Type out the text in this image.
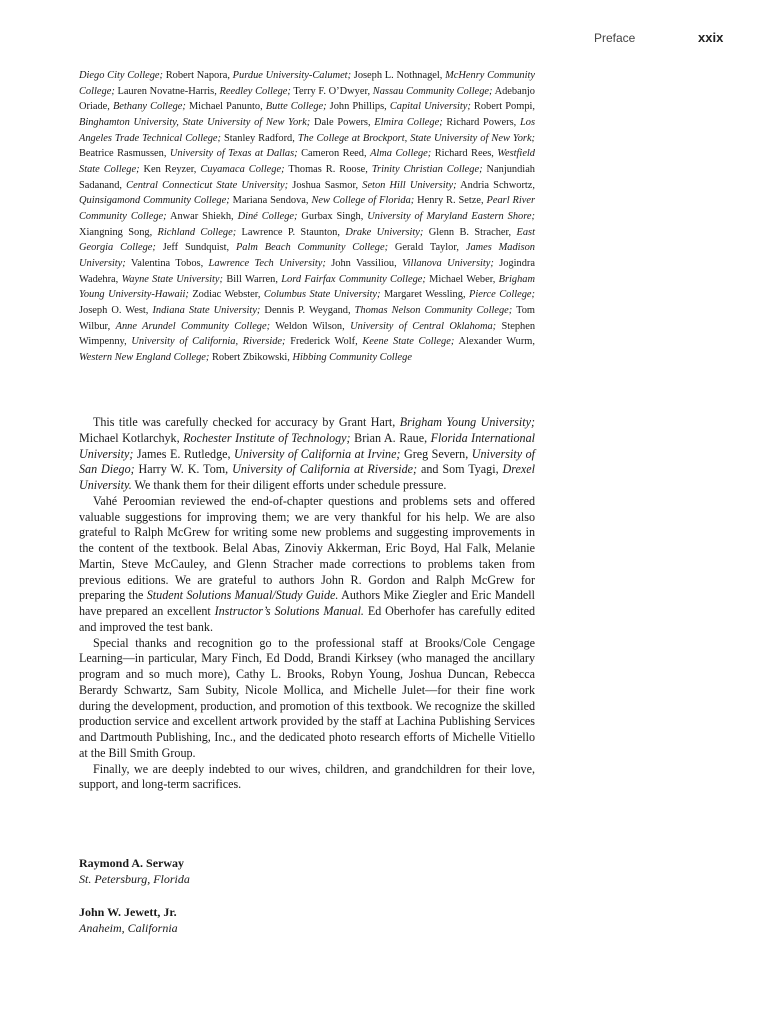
Preface	xxix

Diego City College; Robert Napora, Purdue University-Calumet; Joseph L. Nothnagel, McHenry Community College; Lauren Novatne-Harris, Reedley College; Terry F. O’Dwyer, Nassau Community College; Adebanjo Oriade, Bethany College; Michael Panunto, Butte College; John Phillips, Capital University; Robert Pompi, Binghamton University, State University of New York; Dale Powers, Elmira College; Richard Powers, Los Angeles Trade Technical College; Stanley Radford, The College at Brockport, State University of New York; Beatrice Rasmussen, University of Texas at Dallas; Cameron Reed, Alma College; Richard Rees, Westfield State College; Ken Reyzer, Cuyamaca College; Thomas R. Roose, Trinity Christian College; Nanjundiah Sadanand, Central Connecticut State University; Joshua Sasmor, Seton Hill University; Andria Schwortz, Quinsigamond Community College; Mariana Sendova, New College of Florida; Henry R. Setze, Pearl River Community College; Anwar Shiekh, Diné College; Gurbax Singh, University of Maryland Eastern Shore; Xiangning Song, Richland College; Lawrence P. Staunton, Drake University; Glenn B. Stracher, East Georgia College; Jeff Sundquist, Palm Beach Community College; Gerald Taylor, James Madison University; Valentina Tobos, Lawrence Tech University; John Vassiliou, Villanova University; Jogindra Wadehra, Wayne State University; Bill Warren, Lord Fairfax Community College; Michael Weber, Brigham Young University-Hawaii; Zodiac Webster, Columbus State University; Margaret Wessling, Pierce College; Joseph O. West, Indiana State University; Dennis P. Weygand, Thomas Nelson Community College; Tom Wilbur, Anne Arundel Community College; Weldon Wilson, University of Central Oklahoma; Stephen Wimpenny, University of California, Riverside; Frederick Wolf, Keene State College; Alexander Wurm, Western New England College; Robert Zbikowski, Hibbing Community College

This title was carefully checked for accuracy by Grant Hart, Brigham Young University; Michael Kotlarchyk, Rochester Institute of Technology; Brian A. Raue, Florida International University; James E. Rutledge, University of California at Irvine; Greg Severn, University of San Diego; Harry W. K. Tom, University of California at Riverside; and Som Tyagi, Drexel University. We thank them for their diligent efforts under schedule pressure.

Vahé Peroomian reviewed the end-of-chapter questions and problems sets and offered valuable suggestions for improving them; we are very thankful for his help. We are also grateful to Ralph McGrew for writing some new problems and suggesting improvements in the content of the textbook. Belal Abas, Zinoviy Akkerman, Eric Boyd, Hal Falk, Melanie Martin, Steve McCauley, and Glenn Stracher made corrections to problems taken from previous editions. We are grateful to authors John R. Gordon and Ralph McGrew for preparing the Student Solutions Manual/Study Guide. Authors Mike Ziegler and Eric Mandell have prepared an excellent Instructor’s Solutions Manual. Ed Oberhofer has carefully edited and improved the test bank.

Special thanks and recognition go to the professional staff at Brooks/Cole Cengage Learning—in particular, Mary Finch, Ed Dodd, Brandi Kirksey (who managed the ancillary program and so much more), Cathy L. Brooks, Robyn Young, Joshua Duncan, Rebecca Berardy Schwartz, Sam Subity, Nicole Mollica, and Michelle Julet—for their fine work during the development, production, and promotion of this textbook. We recognize the skilled production service and excellent artwork provided by the staff at Lachina Publishing Services and Dartmouth Publishing, Inc., and the dedicated photo research efforts of Michelle Vitiello at the Bill Smith Group.

Finally, we are deeply indebted to our wives, children, and grandchildren for their love, support, and long-term sacrifices.

Raymond A. Serway
St. Petersburg, Florida
John W. Jewett, Jr.
Anaheim, California
